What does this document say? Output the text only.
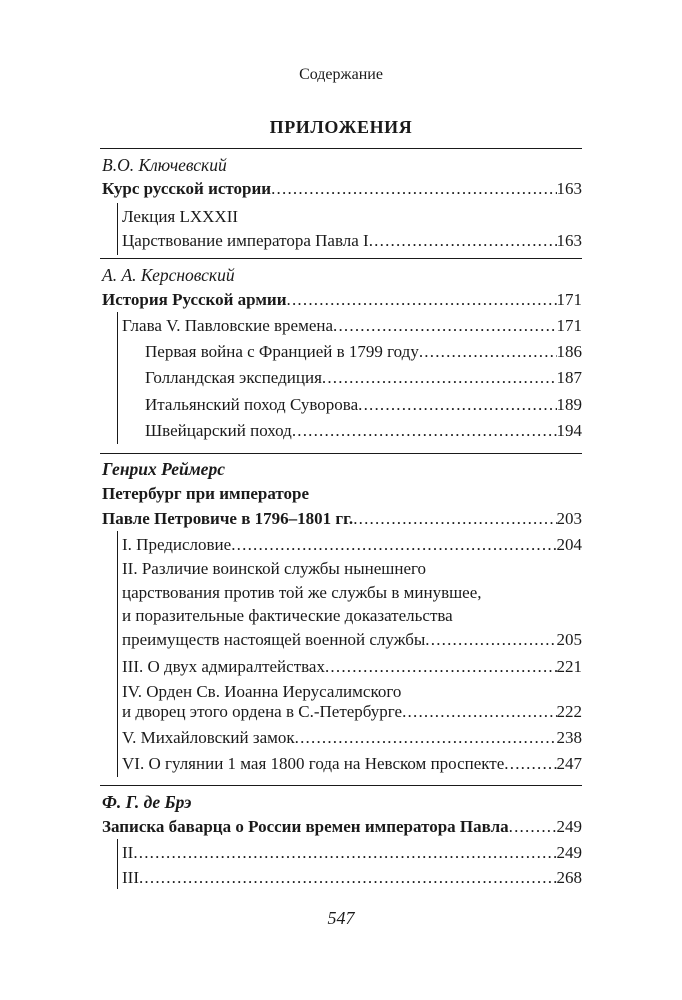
Содержание
ПРИЛОЖЕНИЯ
В.О. Ключевский
Курс русской истории .....	163
Лекция LXXXII
Царствование императора Павла I .....	163
А. А. Керсновский
История Русской армии .....	171
Глава V. Павловские времена .....	171
Первая война с Францией в 1799 году .....	186
Голландская экспедиция .....	187
Итальянский поход Суворова .....	189
Швейцарский поход .....	194
Генрих Реймерс
Петербург при императоре
Павле Петровиче в 1796–1801 гг. .....	203
I. Предисловие .....	204
II. Различие воинской службы нынешнего
царствования против той же службы в минувшее,
и поразительные фактические доказательства
преимуществ настоящей военной службы .....	205
III. О двух адмиралтействах .....	221
IV. Орден Св. Иоанна Иерусалимского
и дворец этого ордена в С.-Петербурге .....	222
V. Михайловский замок .....	238
VI. О гулянии 1 мая 1800 года на Невском проспекте .....	247
Ф. Г. де Брэ
Записка баварца о России времен императора Павла .....	249
II .....	249
III .....	268
547
